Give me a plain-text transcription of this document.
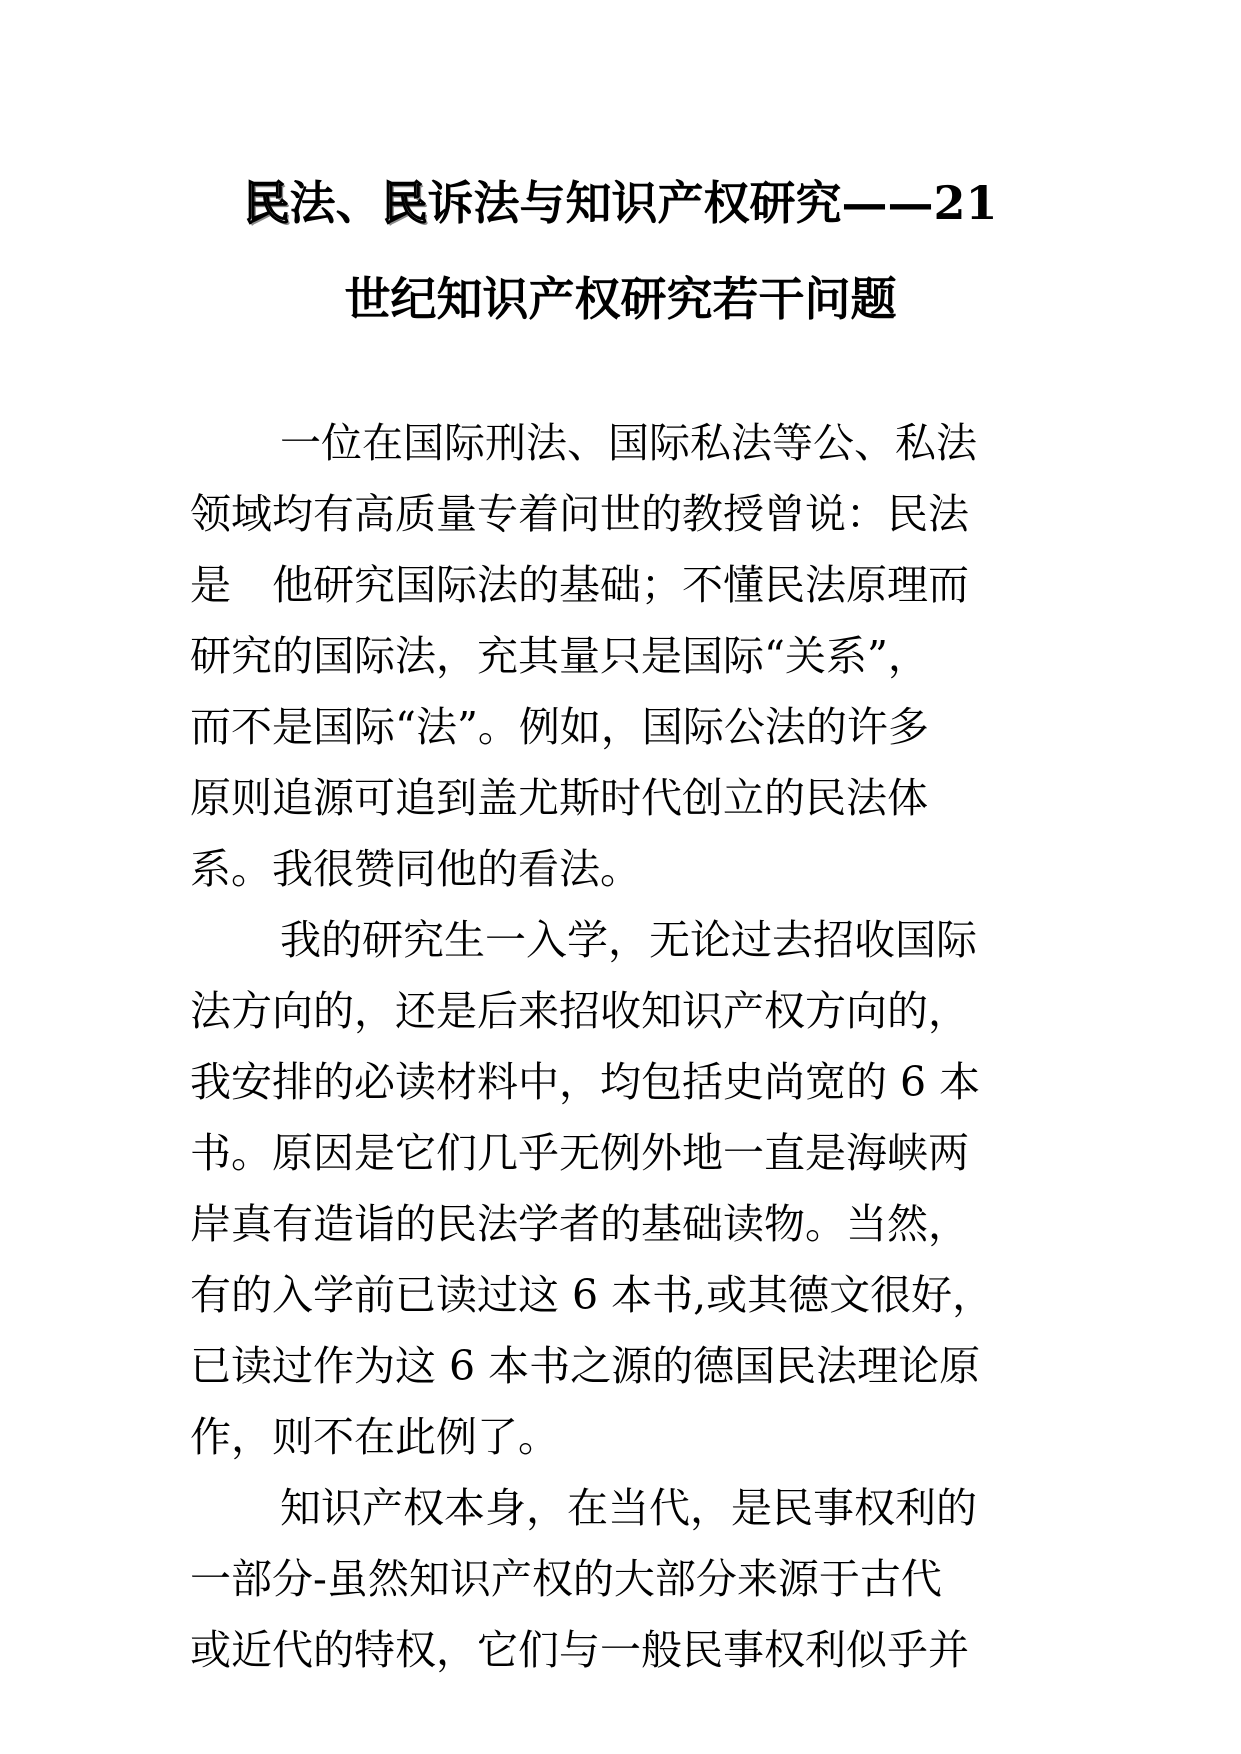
民法、民诉法与知识产权研究——21
世纪知识产权研究若干问题
一位在国际刑法、国际私法等公、私法
领域均有高质量专着问世的教授曾说：民法
是　他研究国际法的基础；不懂民法原理而
研究的国际法，充其量只是国际“关系”，
而不是国际“法”。例如，国际公法的许多
原则追源可追到盖尤斯时代创立的民法体
系。我很赞同他的看法。
我的研究生一入学，无论过去招收国际
法方向的，还是后来招收知识产权方向的，
我安排的必读材料中，均包括史尚宽的 6 本
书。原因是它们几乎无例外地一直是海峡两
岸真有造诣的民法学者的基础读物。当然，
有的入学前已读过这 6 本书,或其德文很好，
已读过作为这 6 本书之源的德国民法理论原
作，则不在此例了。
知识产权本身，在当代，是民事权利的
一部分-虽然知识产权的大部分来源于古代
或近代的特权，它们与一般民事权利似乎并
